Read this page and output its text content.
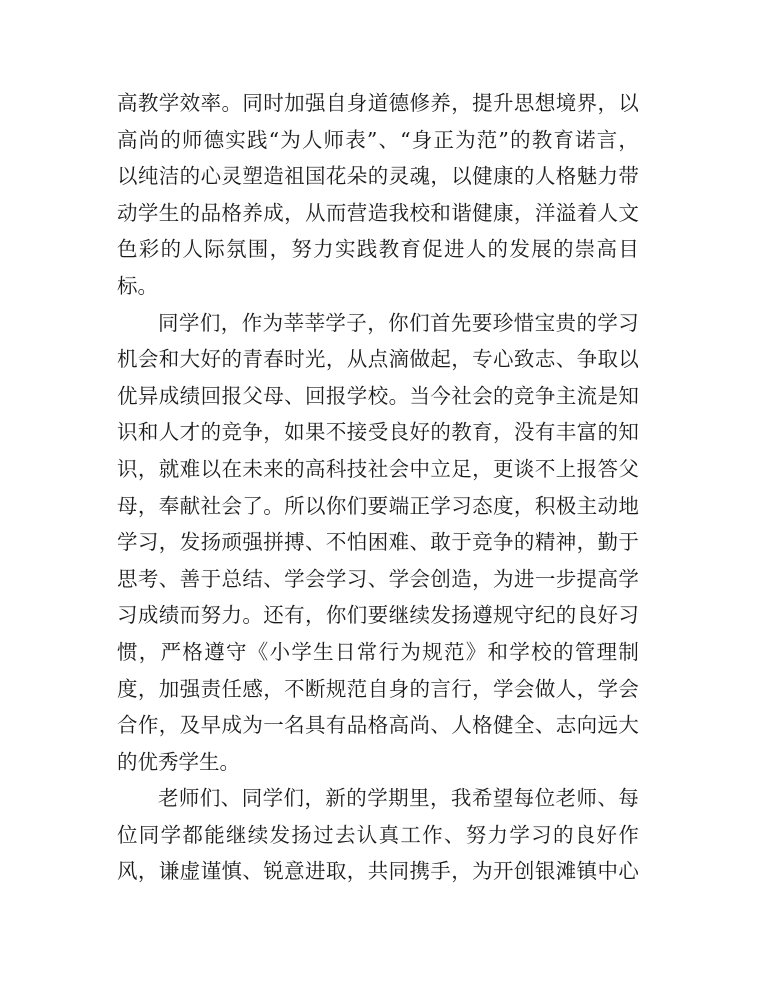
高 教 学 效 率 。 同 时 加 强 自 身 道 德 修 养 ， 提 升 思 想 境 界 ， 以
高 尚 的 师 德 实 践 “ 为 人 师 表 ” 、 “ 身 正 为 范 ” 的 教 育 诺 言 ，
以 纯 洁 的 心 灵 塑 造 祖 国 花 朵 的 灵 魂 ， 以 健 康 的 人 格 魅 力 带
动 学 生 的 品 格 养 成 ， 从 而 营 造 我 校 和 谐 健 康 ， 洋 溢 着 人 文
色 彩 的 人 际 氛 围 ， 努 力 实 践 教 育 促 进 人 的 发 展 的 崇 高 目
标。
同 学 们 ， 作 为 莘 莘 学 子 ， 你 们 首 先 要 珍 惜 宝 贵 的 学 习
机 会 和 大 好 的 青 春 时 光 ， 从 点 滴 做 起 ， 专 心 致 志 、 争 取 以
优 异 成 绩 回 报 父 母 、 回 报 学 校 。 当 今 社 会 的 竞 争 主 流 是 知
识 和 人 才 的 竞 争 ， 如 果 不 接 受 良 好 的 教 育 ， 没 有 丰 富 的 知
识 ， 就 难 以 在 未 来 的 高 科 技 社 会 中 立 足 ， 更 谈 不 上 报 答 父
母 ， 奉 献 社 会 了 。 所 以 你 们 要 端 正 学 习 态 度 ， 积 极 主 动 地
学 习 ， 发 扬 顽 强 拼 搏 、 不 怕 困 难 、 敢 于 竞 争 的 精 神 ， 勤 于
思 考 、 善 于 总 结 、 学 会 学 习 、 学 会 创 造 ， 为 进 一 步 提 高 学
习 成 绩 而 努 力 。 还 有 ， 你 们 要 继 续 发 扬 遵 规 守 纪 的 良 好 习
惯 ， 严 格 遵 守 《 小 学 生 日 常 行 为 规 范 》 和 学 校 的 管 理 制
度 ， 加 强 责 任 感 ， 不 断 规 范 自 身 的 言 行 ， 学 会 做 人 ， 学 会
合 作 ， 及 早 成 为 一 名 具 有 品 格 高 尚 、 人 格 健 全 、 志 向 远 大
的优秀学生。
老 师 们 、 同 学 们 ， 新 的 学 期 里 ， 我 希 望 每 位 老 师 、 每
位 同 学 都 能 继 续 发 扬 过 去 认 真 工 作 、 努 力 学 习 的 良 好 作
风 ， 谦 虚 谨 慎 、 锐 意 进 取 ， 共 同 携 手 ， 为 开 创 银 滩 镇 中 心
